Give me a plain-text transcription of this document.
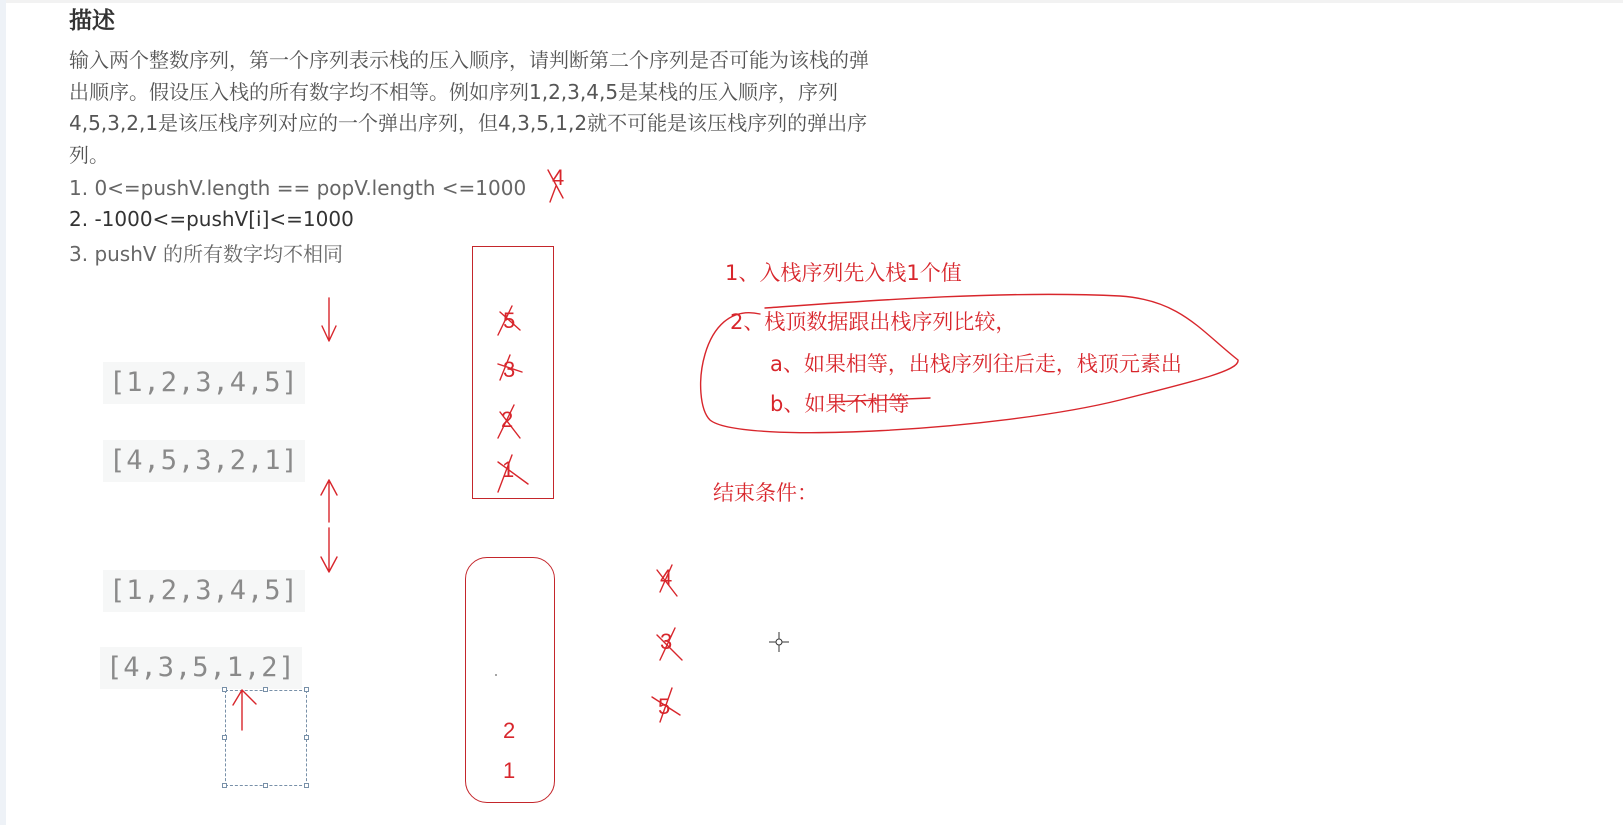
描述
输入两个整数序列，第一个序列表示栈的压入顺序，请判断第二个序列是否可能为该栈的弹
出顺序。假设压入栈的所有数字均不相等。例如序列1,2,3,4,5是某栈的压入顺序，序列
4,5,3,2,1是该压栈序列对应的一个弹出序列，但4,3,5,1,2就不可能是该压栈序列的弹出序
列。
1. 0<=pushV.length == popV.length <=1000
2. -1000<=pushV[i]<=1000
3. pushV 的所有数字均不相同
[1,2,3,4,5]
[4,5,3,2,1]
[1,2,3,4,5]
[4,3,5,1,2]
5
3
2
1
2
1
4
4
3
5
1、入栈序列先入栈1个值
2、栈顶数据跟出栈序列比较，
a、如果相等，出栈序列往后走，栈顶元素出
b、如果不相等
结束条件：
